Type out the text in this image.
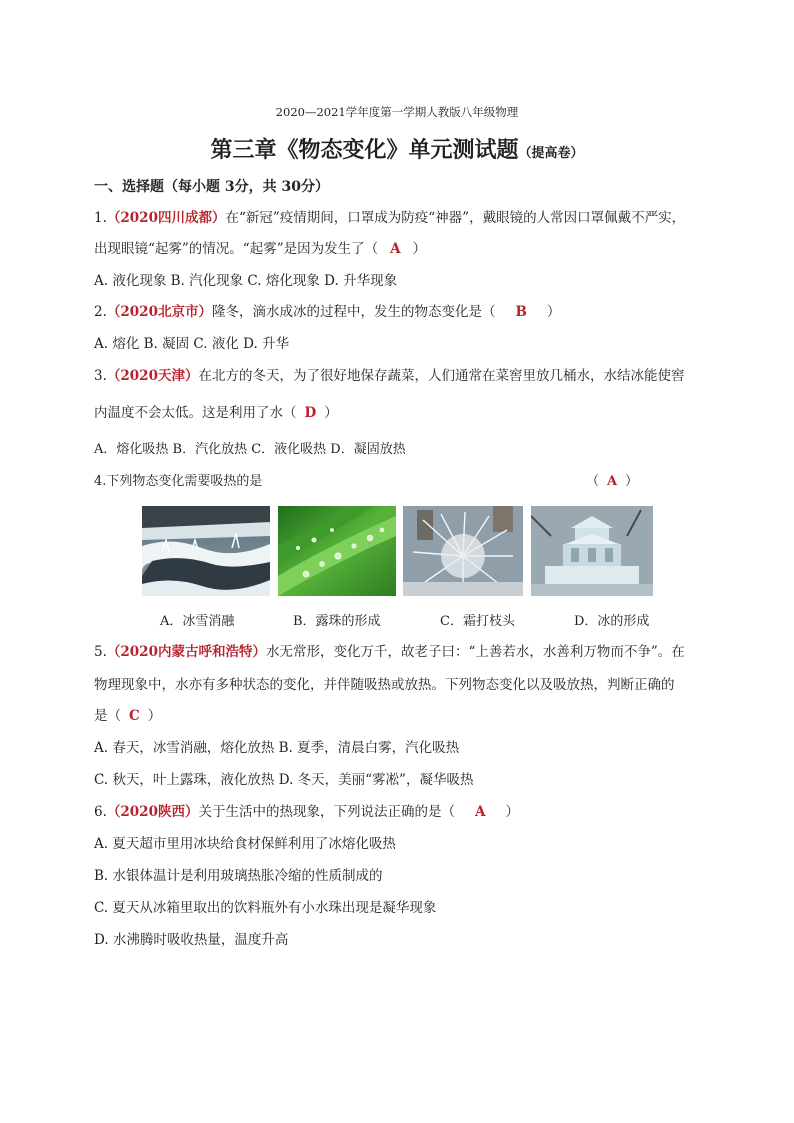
2020—2021学年度第一学期人教版八年级物理
第三章《物态变化》单元测试题（提高卷）
一、选择题（每小题 3分，共 30分）
1.（2020四川成都）在“新冠”疫情期间，口罩成为防疫“神器”，戴眼镜的人常因口罩佩戴不严实，
出现眼镜“起雾”的情况。“起雾”是因为发生了（ A ）
A. 液化现象 B. 汽化现象 C. 熔化现象 D. 升华现象
2.（2020北京市）隆冬，滴水成冰的过程中，发生的物态变化是（ B ）
A. 熔化 B. 凝固 C. 液化 D. 升华
3.（2020天津）在北方的冬天，为了很好地保存蔬菜，人们通常在菜窖里放几桶水，水结冰能使窖
内温度不会太低。这是利用了水（ D ）
A．熔化吸热 B．汽化放热 C．液化吸热 D．凝固放热
4.下列物态变化需要吸热的是	（ A ）
A．冰雪消融	B．露珠的形成	C．霜打枝头	D．冰的形成
5.（2020内蒙古呼和浩特）水无常形，变化万千，故老子曰：“上善若水，水善利万物而不争”。在
物理现象中，水亦有多种状态的变化，并伴随吸热或放热。下列物态变化以及吸放热，判断正确的
是（ C ）
A. 春天，冰雪消融，熔化放热 B. 夏季，清晨白雾，汽化吸热
C. 秋天，叶上露珠，液化放热 D. 冬天，美丽“雾凇”，凝华吸热
6.（2020陕西）关于生活中的热现象，下列说法正确的是（ A ）
A. 夏天超市里用冰块给食材保鲜利用了冰熔化吸热
B. 水银体温计是利用玻璃热胀冷缩的性质制成的
C. 夏天从冰箱里取出的饮料瓶外有小水珠出现是凝华现象
D. 水沸腾时吸收热量，温度升高
